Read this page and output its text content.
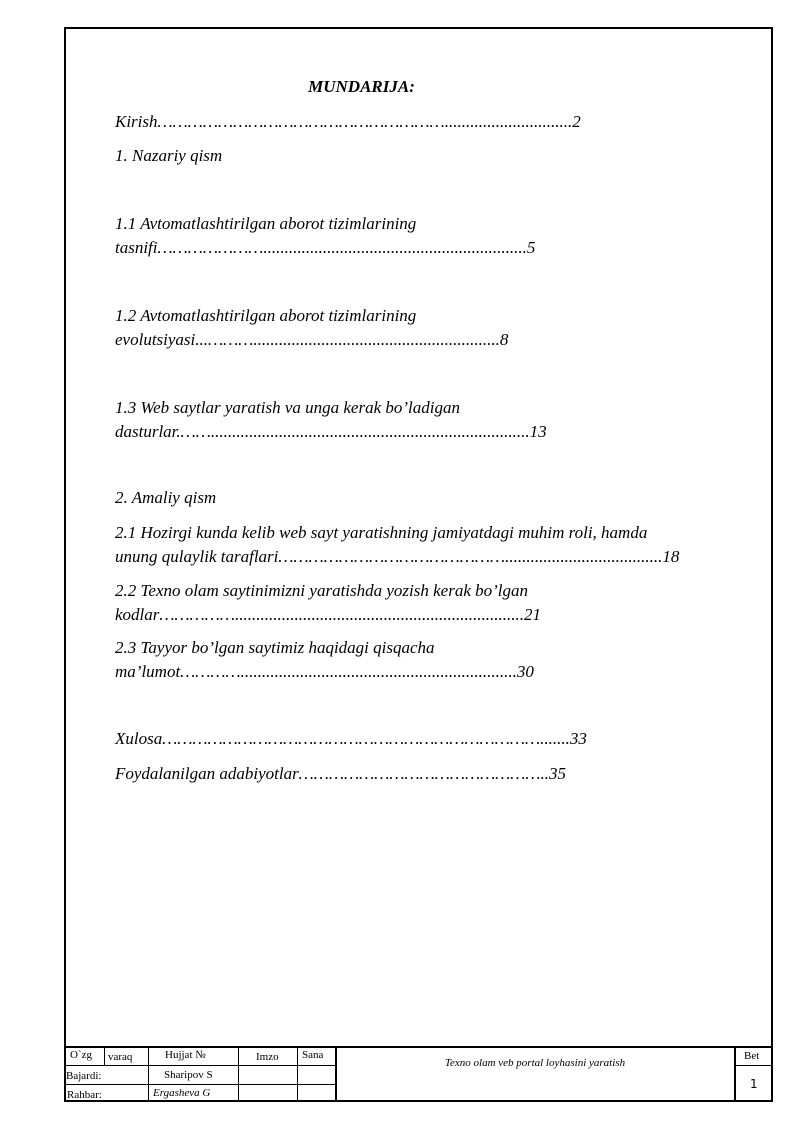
MUNDARIJA:
Kirish…………………………………………………..............................2
1. Nazariy qism
1.1 Avtomatlashtirilgan aborot tizimlarining
tasnifi…………………..............................................................5
1.2 Avtomatlashtirilgan aborot tizimlarining
evolutsiyasi...………..........................................................8
1.3 Web saytlar yaratish va unga kerak bo’ladigan
dasturlar.……...........................................................................13
2. Amaliy qism
2.1 Hozirgi kunda kelib web sayt yaratishning jamiyatdagi muhim roli, hamda
unung qulaylik taraflari……………………………………….....................................18
2.2 Texno olam saytinimizni yaratishda yozish kerak bo’lgan
kodlar……………....................................................................21
2.3 Tayyor bo’lgan saytimiz haqidagi qisqacha
ma’lumot………….................................................................30
Xulosa………………………………………………………………….......33
Foydalanilgan adabiyotlar…………………………………………..35
O`zg varaq	Hujjat №	Imzo Sana
Bajardi:	Sharipov S
Rahbar:	Ergasheva G
Texno olam veb portal loyhasini yaratish
Bet
1
